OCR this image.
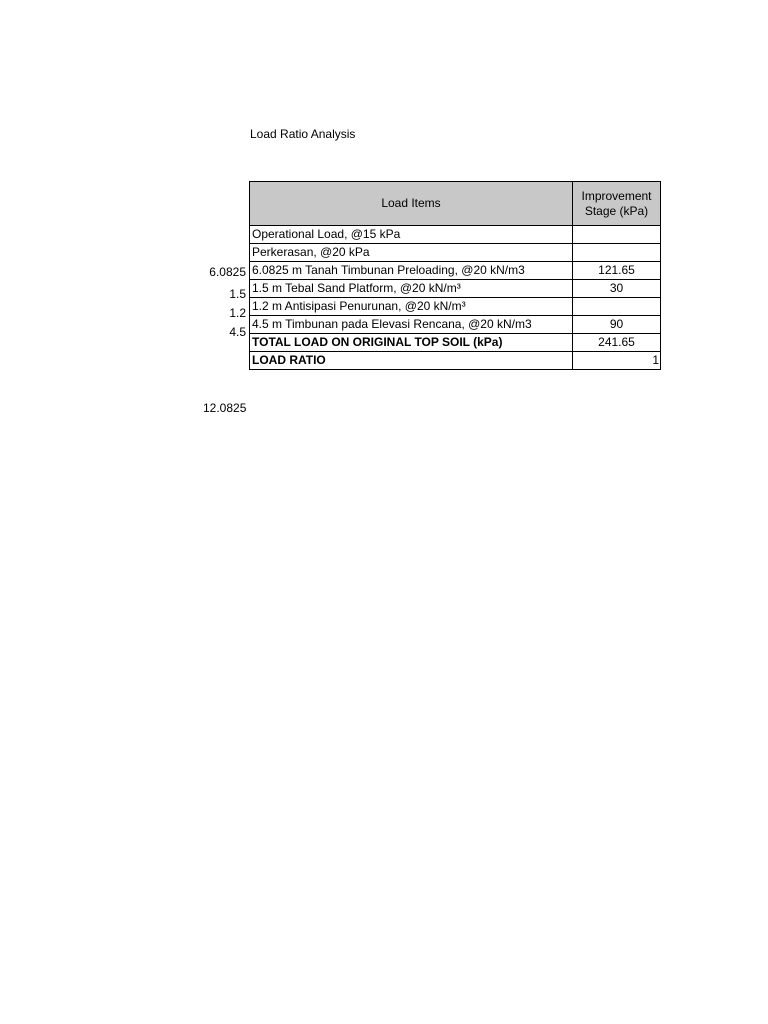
Load Ratio Analysis
Load Items	Improvement Stage (kPa)
Operational Load, @15 kPa	
Perkerasan, @20 kPa	
6.0825 m Tanah Timbunan Preloading, @20 kN/m3	121.65
1.5 m Tebal Sand Platform, @20 kN/m³	30
1.2 m Antisipasi Penurunan, @20 kN/m³	
4.5 m Timbunan pada Elevasi Rencana, @20 kN/m3	90
TOTAL LOAD ON ORIGINAL TOP SOIL (kPa)	241.65
LOAD RATIO	1
6.0825
1.5
1.2
4.5
12.0825
